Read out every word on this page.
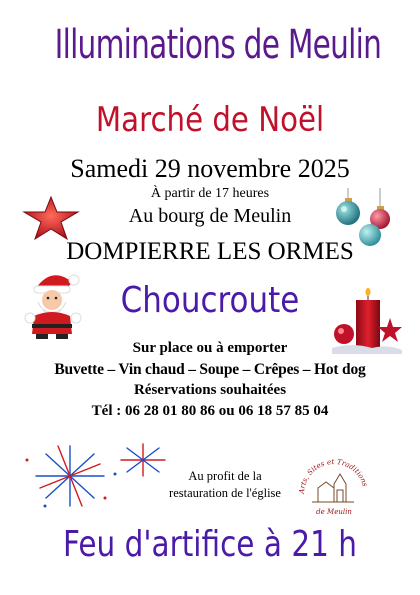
Illuminations de Meulin
Marché de Noël
Samedi 29 novembre 2025
À partir de 17 heures
Au bourg de Meulin
DOMPIERRE LES ORMES
Choucroute
Sur place ou à emporter
Buvette – Vin chaud – Soupe – Crêpes – Hot dog
Réservations souhaitées
Tél : 06 28 01 80 86 ou 06 18 57 85 04
Au profit de la
restauration de l'église
Feu d'artifice à 21 h
Arts, Sites et Traditions
de Meulin
